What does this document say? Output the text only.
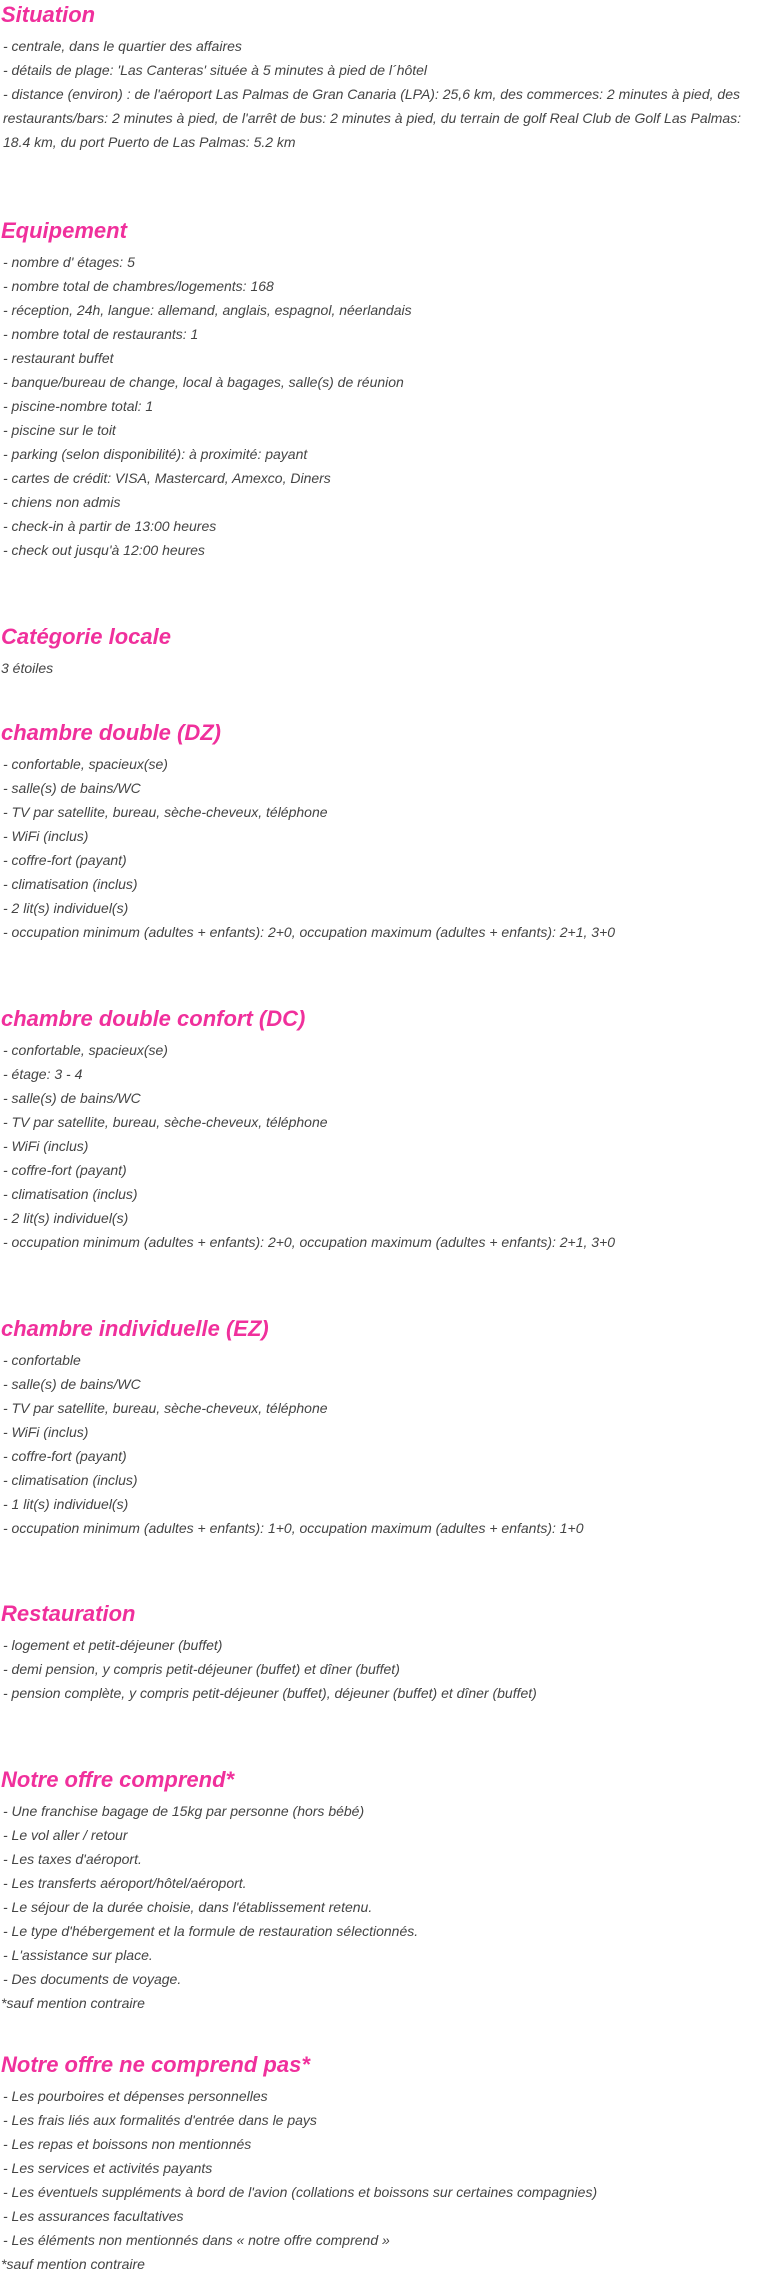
Situation
- centrale, dans le quartier des affaires
- détails de plage: 'Las Canteras' située à 5 minutes à pied de l´hôtel
- distance (environ) : de l'aéroport Las Palmas de Gran Canaria (LPA): 25,6 km, des commerces: 2 minutes à pied, des restaurants/bars: 2 minutes à pied, de l'arrêt de bus: 2 minutes à pied, du terrain de golf Real Club de Golf Las Palmas: 18.4 km, du port Puerto de Las Palmas: 5.2 km
Equipement
- nombre d' étages: 5
- nombre total de chambres/logements: 168
- réception, 24h, langue: allemand, anglais, espagnol, néerlandais
- nombre total de restaurants: 1
- restaurant buffet
- banque/bureau de change, local à bagages, salle(s) de réunion
- piscine-nombre total: 1
- piscine sur le toit
- parking (selon disponibilité): à proximité: payant
- cartes de crédit: VISA, Mastercard, Amexco, Diners
- chiens non admis
- check-in à partir de 13:00 heures
- check out jusqu'à 12:00 heures
Catégorie locale
3 étoiles
chambre double (DZ)
- confortable, spacieux(se)
- salle(s) de bains/WC
- TV par satellite, bureau, sèche-cheveux, téléphone
- WiFi (inclus)
- coffre-fort (payant)
- climatisation (inclus)
- 2 lit(s) individuel(s)
- occupation minimum (adultes + enfants): 2+0, occupation maximum (adultes + enfants): 2+1, 3+0
chambre double confort (DC)
- confortable, spacieux(se)
- étage: 3 - 4
- salle(s) de bains/WC
- TV par satellite, bureau, sèche-cheveux, téléphone
- WiFi (inclus)
- coffre-fort (payant)
- climatisation (inclus)
- 2 lit(s) individuel(s)
- occupation minimum (adultes + enfants): 2+0, occupation maximum (adultes + enfants): 2+1, 3+0
chambre individuelle (EZ)
- confortable
- salle(s) de bains/WC
- TV par satellite, bureau, sèche-cheveux, téléphone
- WiFi (inclus)
- coffre-fort (payant)
- climatisation (inclus)
- 1 lit(s) individuel(s)
- occupation minimum (adultes + enfants): 1+0, occupation maximum (adultes + enfants): 1+0
Restauration
- logement et petit-déjeuner (buffet)
- demi pension, y compris petit-déjeuner (buffet) et dîner (buffet)
- pension complète, y compris petit-déjeuner (buffet), déjeuner (buffet) et dîner (buffet)
Notre offre comprend*
- Une franchise bagage de 15kg par personne (hors bébé)
- Le vol aller / retour
- Les taxes d'aéroport.
- Les transferts aéroport/hôtel/aéroport.
- Le séjour de la durée choisie, dans l'établissement retenu.
- Le type d'hébergement et la formule de restauration sélectionnés.
- L'assistance sur place.
- Des documents de voyage.
*sauf mention contraire
Notre offre ne comprend pas*
- Les pourboires et dépenses personnelles
- Les frais liés aux formalités d'entrée dans le pays
- Les repas et boissons non mentionnés
- Les services et activités payants
- Les éventuels suppléments à bord de l'avion (collations et boissons sur certaines compagnies)
- Les assurances facultatives
- Les éléments non mentionnés dans « notre offre comprend »
*sauf mention contraire
